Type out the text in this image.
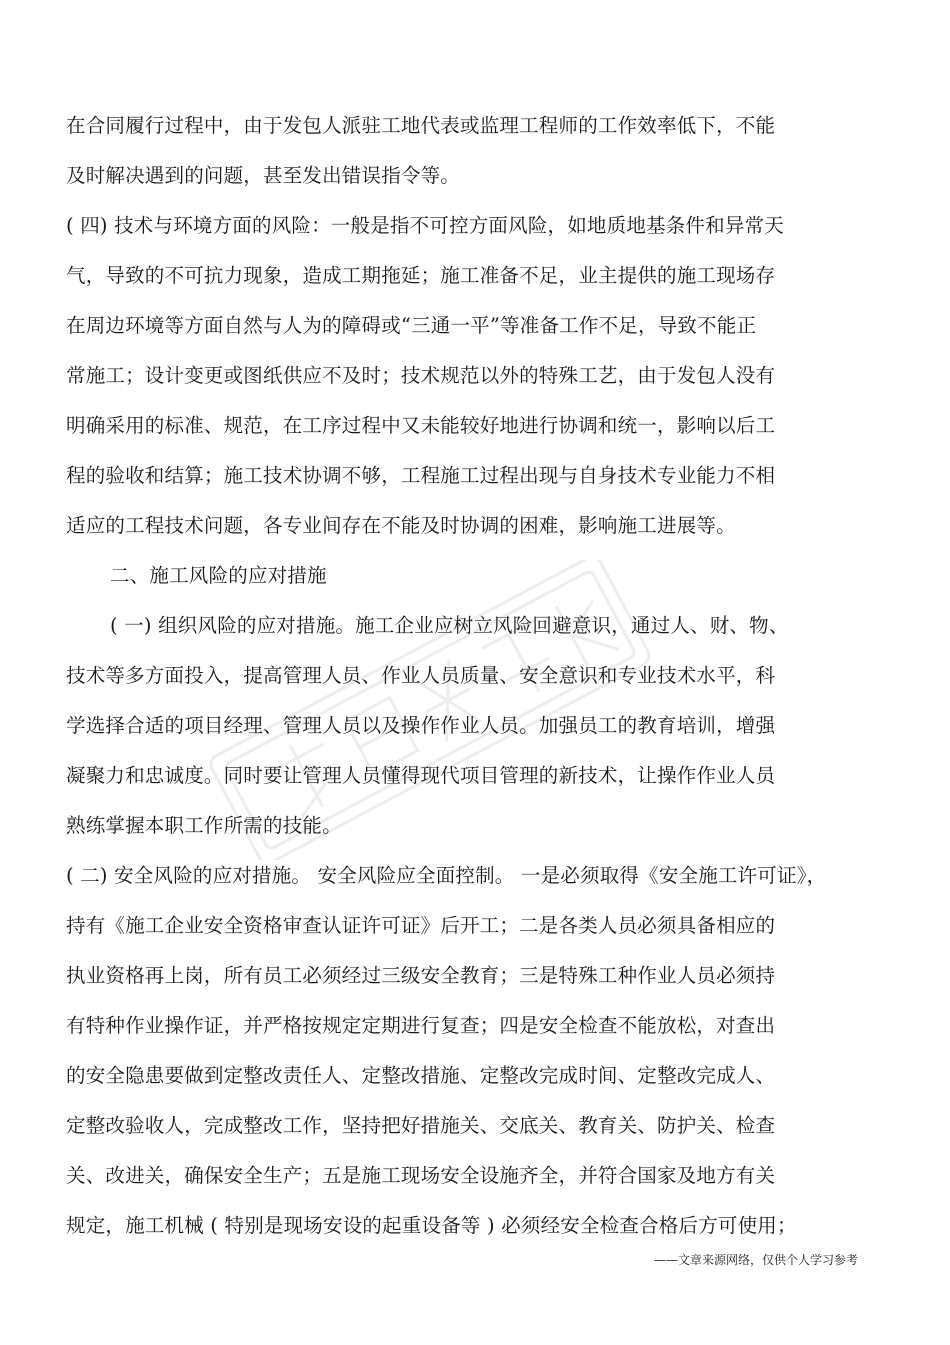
在合同履行过程中，由于发包人派驻工地代表或监理工程师的工作效率低下，不能
及时解决遇到的问题，甚至发出错误指令等。
( 四) 技术与环境方面的风险：一般是指不可控方面风险，如地质地基条件和异常天
气，导致的不可抗力现象，造成工期拖延；施工准备不足，业主提供的施工现场存
在周边环境等方面自然与人为的障碍或“三通一平”等准备工作不足，导致不能正
常施工；设计变更或图纸供应不及时；技术规范以外的特殊工艺，由于发包人没有
明确采用的标准、规范，在工序过程中又未能较好地进行协调和统一，影响以后工
程的验收和结算；施工技术协调不够，工程施工过程出现与自身技术专业能力不相
适应的工程技术问题，各专业间存在不能及时协调的困难，影响施工进展等。
二、施工风险的应对措施
( 一) 组织风险的应对措施。施工企业应树立风险回避意识，通过人、财、物、
技术等多方面投入，提高管理人员、作业人员质量、安全意识和专业技术水平，科
学选择合适的项目经理、管理人员以及操作作业人员。加强员工的教育培训，增强
凝聚力和忠诚度。同时要让管理人员懂得现代项目管理的新技术，让操作作业人员
熟练掌握本职工作所需的技能。
( 二) 安全风险的应对措施。 安全风险应全面控制。 一是必须取得《安全施工许可证》，
持有《施工企业安全资格审查认证许可证》后开工；二是各类人员必须具备相应的
执业资格再上岗，所有员工必须经过三级安全教育；三是特殊工种作业人员必须持
有特种作业操作证，并严格按规定定期进行复查；四是安全检查不能放松，对查出
的安全隐患要做到定整改责任人、定整改措施、定整改完成时间、定整改完成人、
定整改验收人，完成整改工作，坚持把好措施关、交底关、教育关、防护关、检查
关、改进关，确保安全生产；五是施工现场安全设施齐全，并符合国家及地方有关
规定，施工机械 ( 特别是现场安设的起重设备等 ) 必须经安全检查合格后方可使用；
——文章来源网络，仅供个人学习参考
